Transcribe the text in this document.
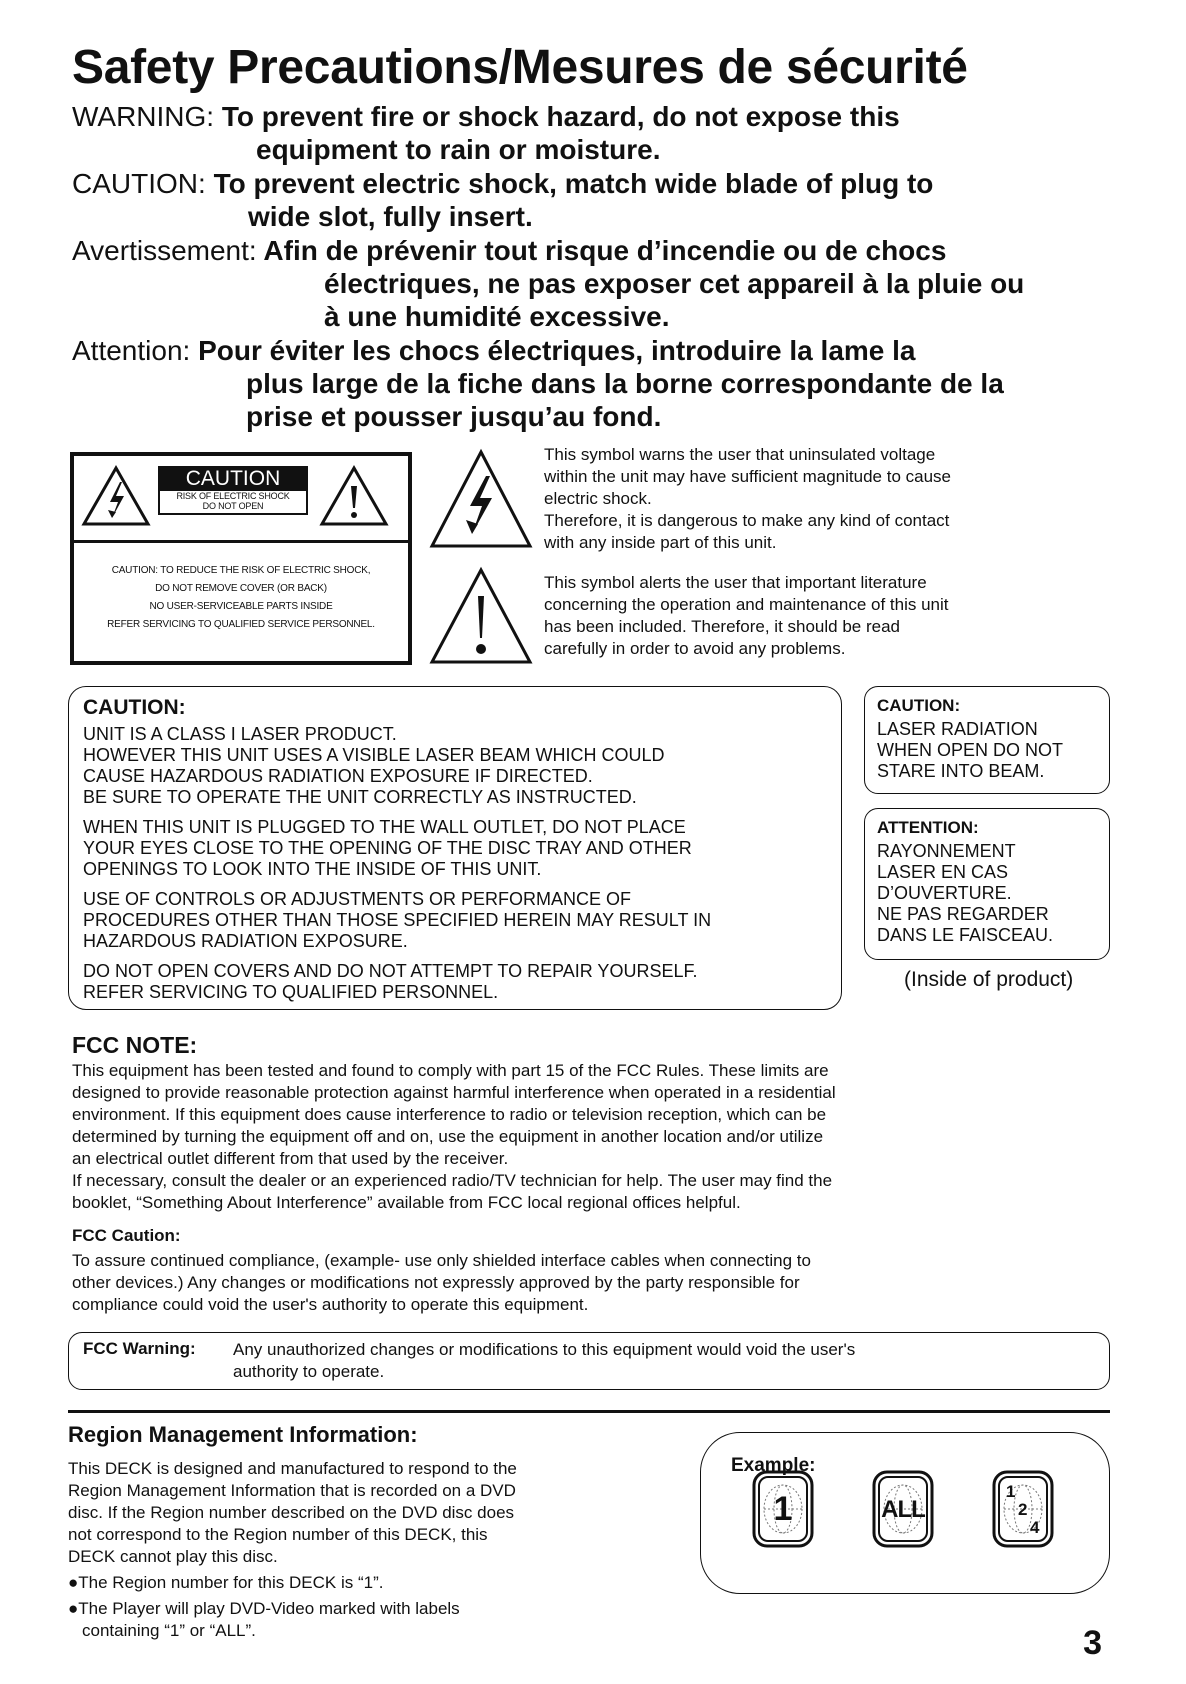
Safety Precautions/Mesures de sécurité
WARNING: To prevent fire or shock hazard, do not expose this
equipment to rain or moisture.
CAUTION: To prevent electric shock, match wide blade of plug to
wide slot, fully insert.
Avertissement: Afin de prévenir tout risque d’incendie ou de chocs
électriques, ne pas exposer cet appareil à la pluie ou
à une humidité excessive.
Attention: Pour éviter les chocs électriques, introduire la lame la
plus large de la fiche dans la borne correspondante de la
prise et pousser jusqu’au fond.
CAUTION
RISK OF ELECTRIC SHOCK
DO NOT OPEN
CAUTION: TO REDUCE THE RISK OF ELECTRIC SHOCK,
DO NOT REMOVE COVER (OR BACK)
NO USER-SERVICEABLE PARTS INSIDE
REFER SERVICING TO QUALIFIED SERVICE PERSONNEL.
This symbol warns the user that uninsulated voltage
within the unit may have sufficient magnitude to cause
electric shock.
Therefore, it is dangerous to make any kind of contact
with any inside part of this unit.
This symbol alerts the user that important literature
concerning the operation and maintenance of this unit
has been included. Therefore, it should be read
carefully in order to avoid any problems.
CAUTION:
UNIT IS A CLASS I LASER PRODUCT.
HOWEVER THIS UNIT USES A VISIBLE LASER BEAM WHICH COULD
CAUSE HAZARDOUS RADIATION EXPOSURE IF DIRECTED.
BE SURE TO OPERATE THE UNIT CORRECTLY AS INSTRUCTED.
WHEN THIS UNIT IS PLUGGED TO THE WALL OUTLET, DO NOT PLACE
YOUR EYES CLOSE TO THE OPENING OF THE DISC TRAY AND OTHER
OPENINGS TO LOOK INTO THE INSIDE OF THIS UNIT.
USE OF CONTROLS OR ADJUSTMENTS OR PERFORMANCE OF
PROCEDURES OTHER THAN THOSE SPECIFIED HEREIN MAY RESULT IN
HAZARDOUS RADIATION EXPOSURE.
DO NOT OPEN COVERS AND DO NOT ATTEMPT TO REPAIR YOURSELF.
REFER SERVICING TO QUALIFIED PERSONNEL.
CAUTION:
LASER RADIATION
WHEN OPEN DO NOT
STARE INTO BEAM.
ATTENTION:
RAYONNEMENT
LASER EN CAS
D’OUVERTURE.
NE PAS REGARDER
DANS LE FAISCEAU.
(Inside of product)
FCC NOTE:
This equipment has been tested and found to comply with part 15 of the FCC Rules. These limits are
designed to provide reasonable protection against harmful interference when operated in a residential
environment. If this equipment does cause interference to radio or television reception, which can be
determined by turning the equipment off and on, use the equipment in another location and/or utilize
an electrical outlet different from that used by the receiver.
If necessary, consult the dealer or an experienced radio/TV technician for help. The user may find the
booklet, “Something About Interference” available from FCC local regional offices helpful.
FCC Caution:
To assure continued compliance, (example- use only shielded interface cables when connecting to
other devices.) Any changes or modifications not expressly approved by the party responsible for
compliance could void the user's authority to operate this equipment.
FCC Warning: Any unauthorized changes or modifications to this equipment would void the user's
authority to operate.
Region Management Information:
This DECK is designed and manufactured to respond to the
Region Management Information that is recorded on a DVD
disc. If the Region number described on the DVD disc does
not correspond to the Region number of this DECK, this
DECK cannot play this disc.
●The Region number for this DECK is “1”.
●The Player will play DVD-Video marked with labels
containing “1” or “ALL”.
Example:
1	ALL
1
2
4
3
